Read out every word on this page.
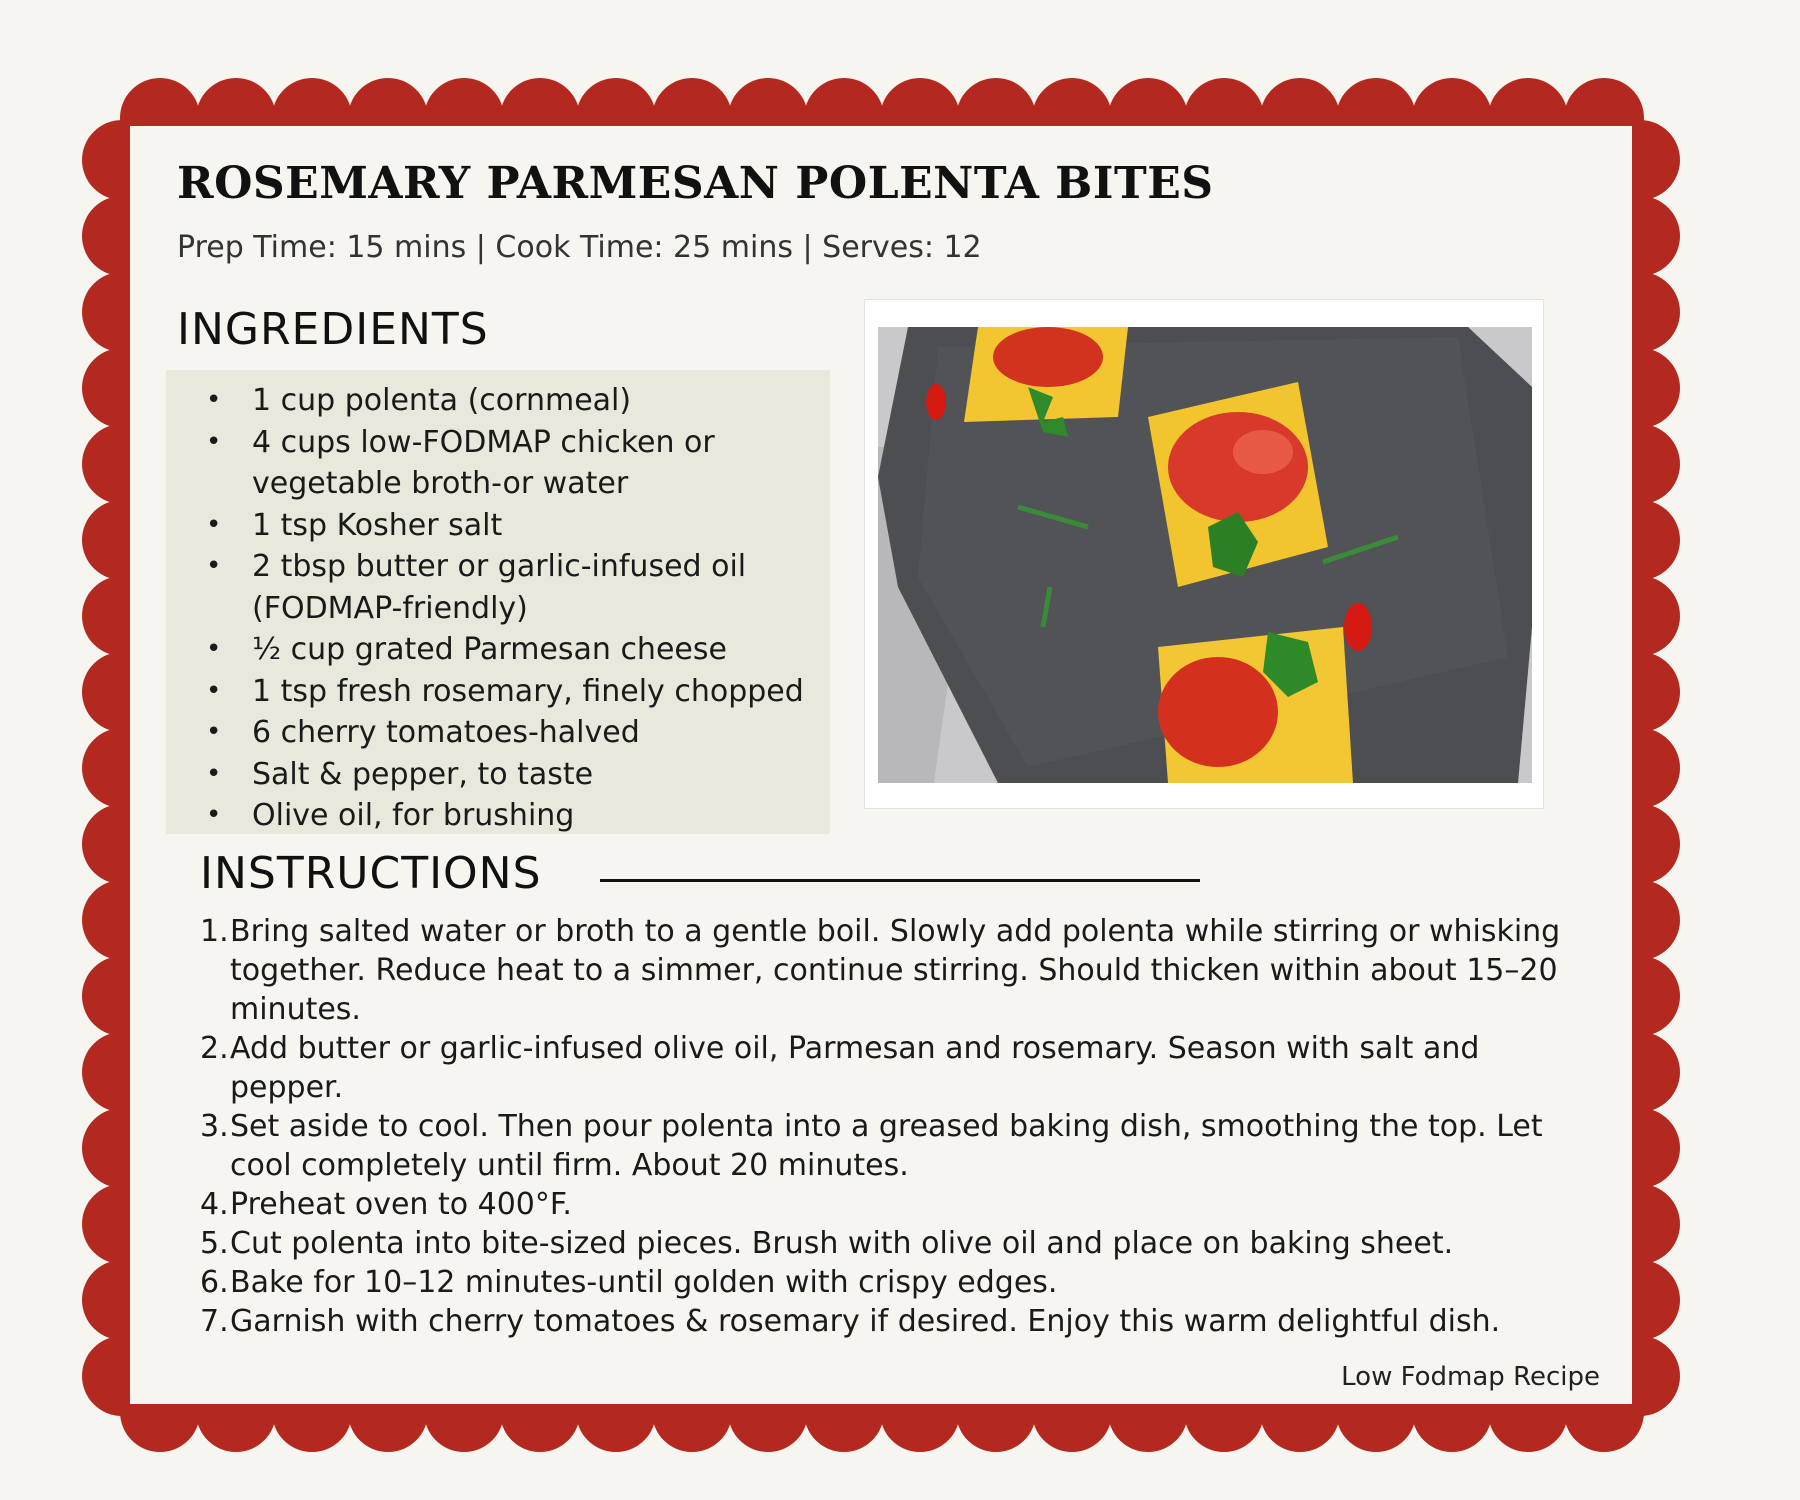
ROSEMARY PARMESAN POLENTA BITES
Prep Time: 15 mins | Cook Time: 25 mins | Serves: 12
INGREDIENTS
• 1 cup polenta (cornmeal)
• 4 cups low-FODMAP chicken or vegetable broth-or water
• 1 tsp Kosher salt
• 2 tbsp butter or garlic-infused oil (FODMAP-friendly)
• ½ cup grated Parmesan cheese
• 1 tsp fresh rosemary, finely chopped
• 6 cherry tomatoes-halved
• Salt & pepper, to taste
• Olive oil, for brushing
INSTRUCTIONS
1. Bring salted water or broth to a gentle boil. Slowly add polenta while stirring or whisking together. Reduce heat to a simmer, continue stirring. Should thicken within about 15–20 minutes.
2. Add butter or garlic-infused olive oil, Parmesan and rosemary. Season with salt and pepper.
3. Set aside to cool. Then pour polenta into a greased baking dish, smoothing the top. Let cool completely until firm. About 20 minutes.
4. Preheat oven to 400°F.
5. Cut polenta into bite-sized pieces. Brush with olive oil and place on baking sheet.
6. Bake for 10–12 minutes-until golden with crispy edges.
7. Garnish with cherry tomatoes & rosemary if desired. Enjoy this warm delightful dish.
Low Fodmap Recipe
